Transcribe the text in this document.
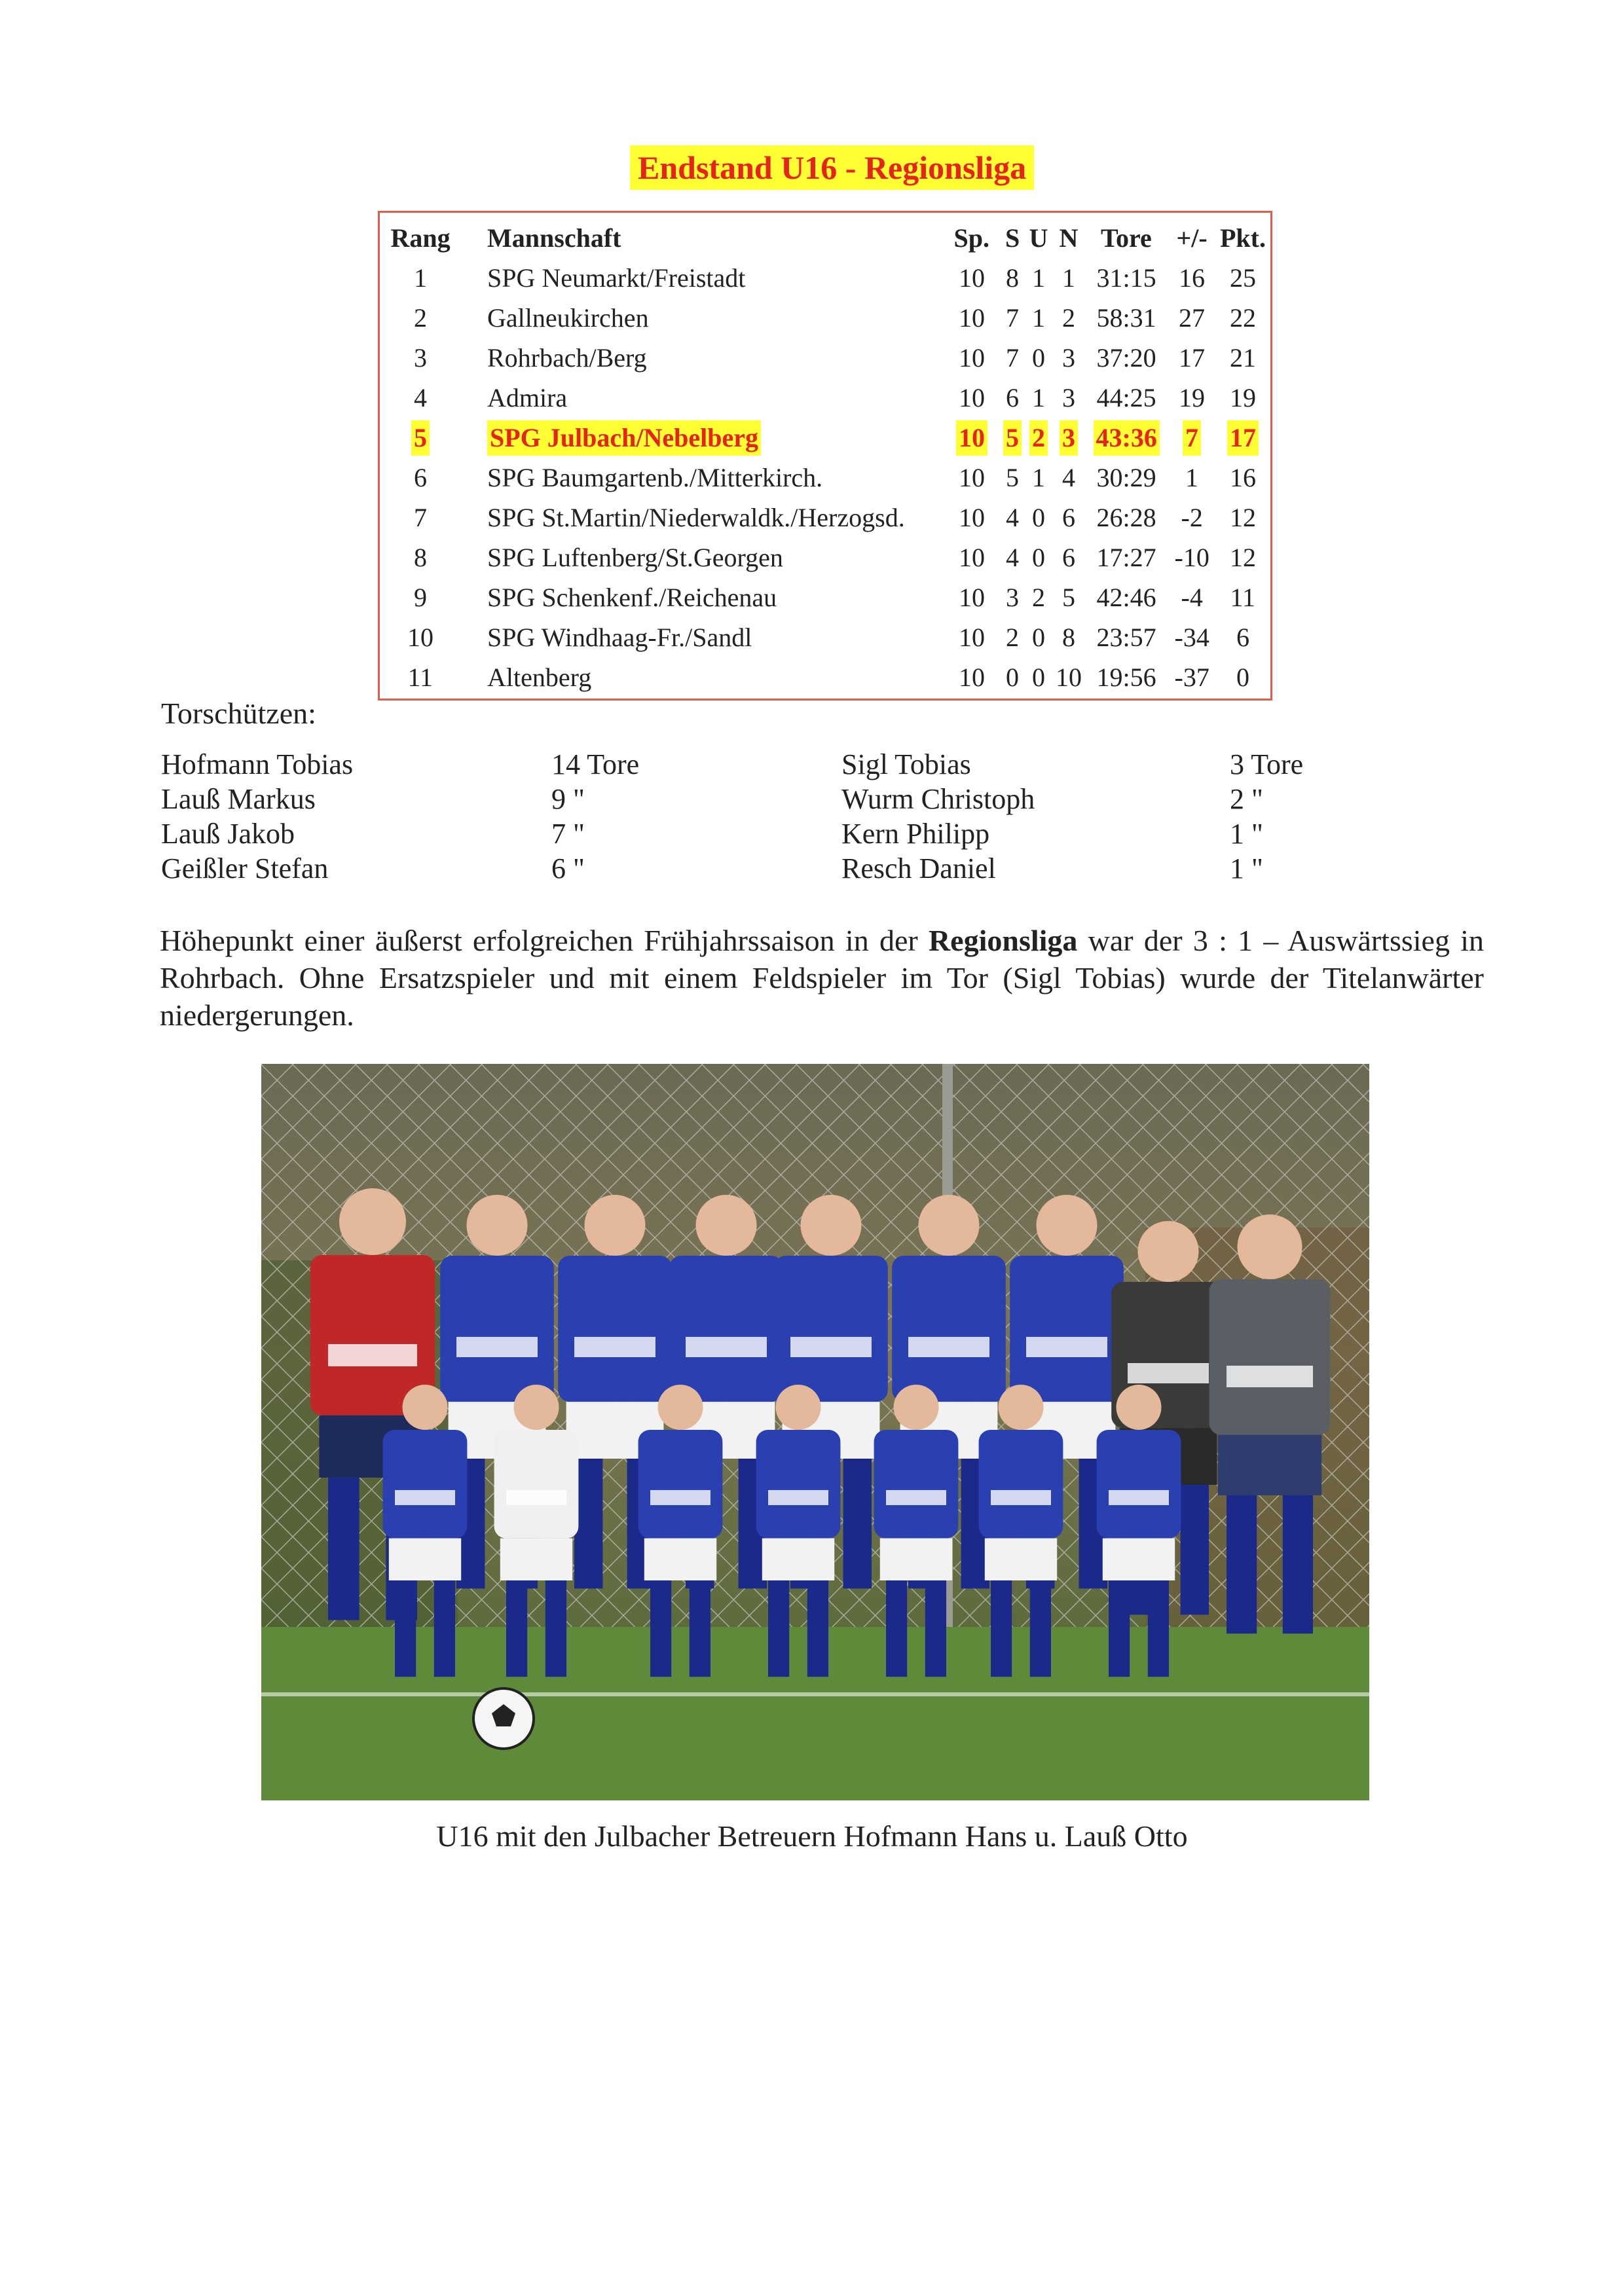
Endstand U16 - Regionsliga
Rang Mannschaft	Sp. S U N Tore +/- Pkt.
1 SPG Neumarkt/Freistadt	10 8 1 1 31:15 16 25
2 Gallneukirchen	10 7 1 2 58:31 27 22
3 Rohrbach/Berg	10 7 0 3 37:20 17 21
4 Admira	10 6 1 3 44:25 19 19
5 SPG Julbach/Nebelberg	10 5 2 3 43:36 7 17
6 SPG Baumgartenb./Mitterkirch.	10 5 1 4 30:29 1 16
7 SPG St.Martin/Niederwaldk./Herzogsd. 10 4 0 6 26:28 -2 12
8 SPG Luftenberg/St.Georgen	10 4 0 6 17:27 -10 12
9 SPG Schenkenf./Reichenau	10 3 2 5 42:46 -4 11
10 SPG Windhaag-Fr./Sandl	10 2 0 8 23:57 -34 6
11 Altenberg	10 0 0 10 19:56 -37 0
Torschützen:
Hofmann Tobias	14 Tore
Lauß Markus	9 "
Lauß Jakob	7 "
Geißler Stefan	6 "
Sigl Tobias	3 Tore
Wurm Christoph	2 "
Kern Philipp	1 "
Resch Daniel	1 "
Höhepunkt einer äußerst erfolgreichen Frühjahrssaison in der Regionsliga war der 3 : 1 – Auswärtssieg in Rohrbach. Ohne Ersatzspieler und mit einem Feldspieler im Tor (Sigl Tobias) wurde der Titelanwärter niedergerungen.
U16 mit den Julbacher Betreuern Hofmann Hans u. Lauß Otto
